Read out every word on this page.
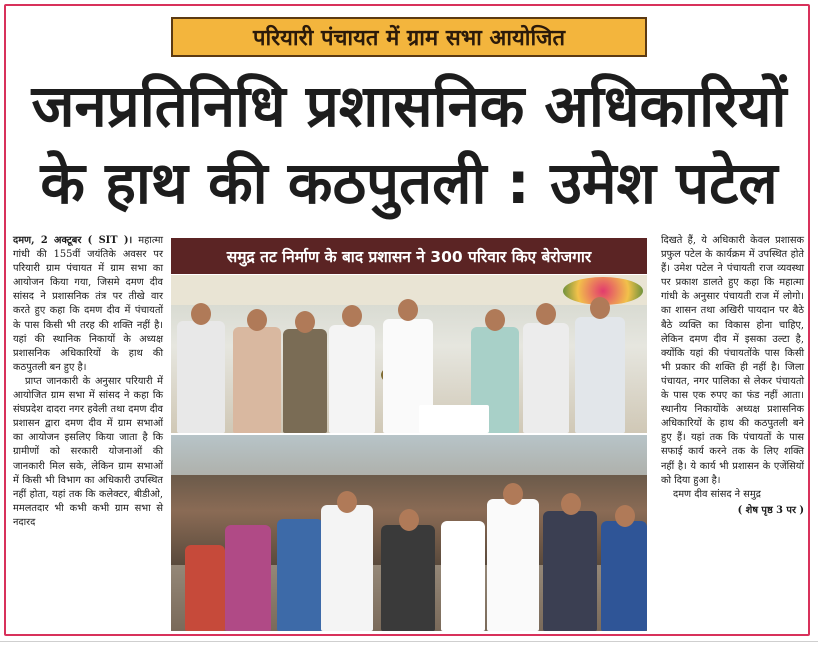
परियारी पंचायत में ग्राम सभा आयोजित
जनप्रतिनिधि प्रशासनिक अधिकारियों
के हाथ की कठपुतली : उमेश पटेल

दमण, 2 अक्टूबर ( SIT )। महात्मा गांधी की 155वीं जयंतिके अवसर पर परियारी ग्राम पंचायत में ग्राम सभा का आयोजन किया गया, जिसमे दमण दीव सांसद ने प्रशासनिक तंत्र पर तीखे वार करते हुए कहा कि दमण दीव में पंचायतों के पास किसी भी तरह की शक्ति नहीं है। यहां की स्थानिक निकायों के अध्यक्ष प्रशासनिक अधिकारियों के हाथ की कठपुतली बन हुए है।

प्राप्त जानकारी के अनुसार परियारी में आयोजित ग्राम सभा में सांसद ने कहा कि संघप्रदेश दादरा नगर हवेली तथा दमण दीव प्रशासन द्वारा दमण दीव में ग्राम सभाओं का आयोजन इसलिए किया जाता है कि ग्रामीणों को सरकारी योजनाओं की जानकारी मिल सके, लेकिन ग्राम सभाओं में किसी भी विभाग का अधिकारी उपस्थित नहीं होता, यहां तक कि कलेक्टर, बीडीओ, ममलतदार भी कभी कभी ग्राम सभा से नदारद

समुद्र तट निर्माण के बाद प्रशासन ने 300 परिवार किए बेरोजगार

दिखते हैं, ये अधिकारी केवल प्रशासक प्रफुल पटेल के कार्यक्रम में उपस्थित होते हैं। उमेश पटेल ने पंचायती राज व्यवस्था पर प्रकाश डालते हुए कहा कि महात्मा गांधी के अनुसार पंचायती राज में लोगो। का शासन तथा अखिरी पायदान पर बैठे बैठे व्यक्ति का विकास होना चाहिए, लेकिन दमण दीव में इसका उल्टा है, क्योंकि यहां की पंचायतोंके पास किसी भी प्रकार की शक्ति ही नहीं है। जिला पंचायत, नगर पालिका से लेकर पंचायतो के पास एक रुपए का फंड नहीं आता। स्थानीय निकायोंके अध्यक्ष प्रशासनिक अधिकारियों के हाथ की कठपुतली बने हुए हैं। यहां तक कि पंचायतों के पास सफाई कार्य करने तक के लिए शक्ति नहीं है। ये कार्य भी प्रशासन के एजेंसियों को दिया हुआ है।

दमण दीव सांसद ने समुद्र

( शेष पृष्ठ 3 पर )
